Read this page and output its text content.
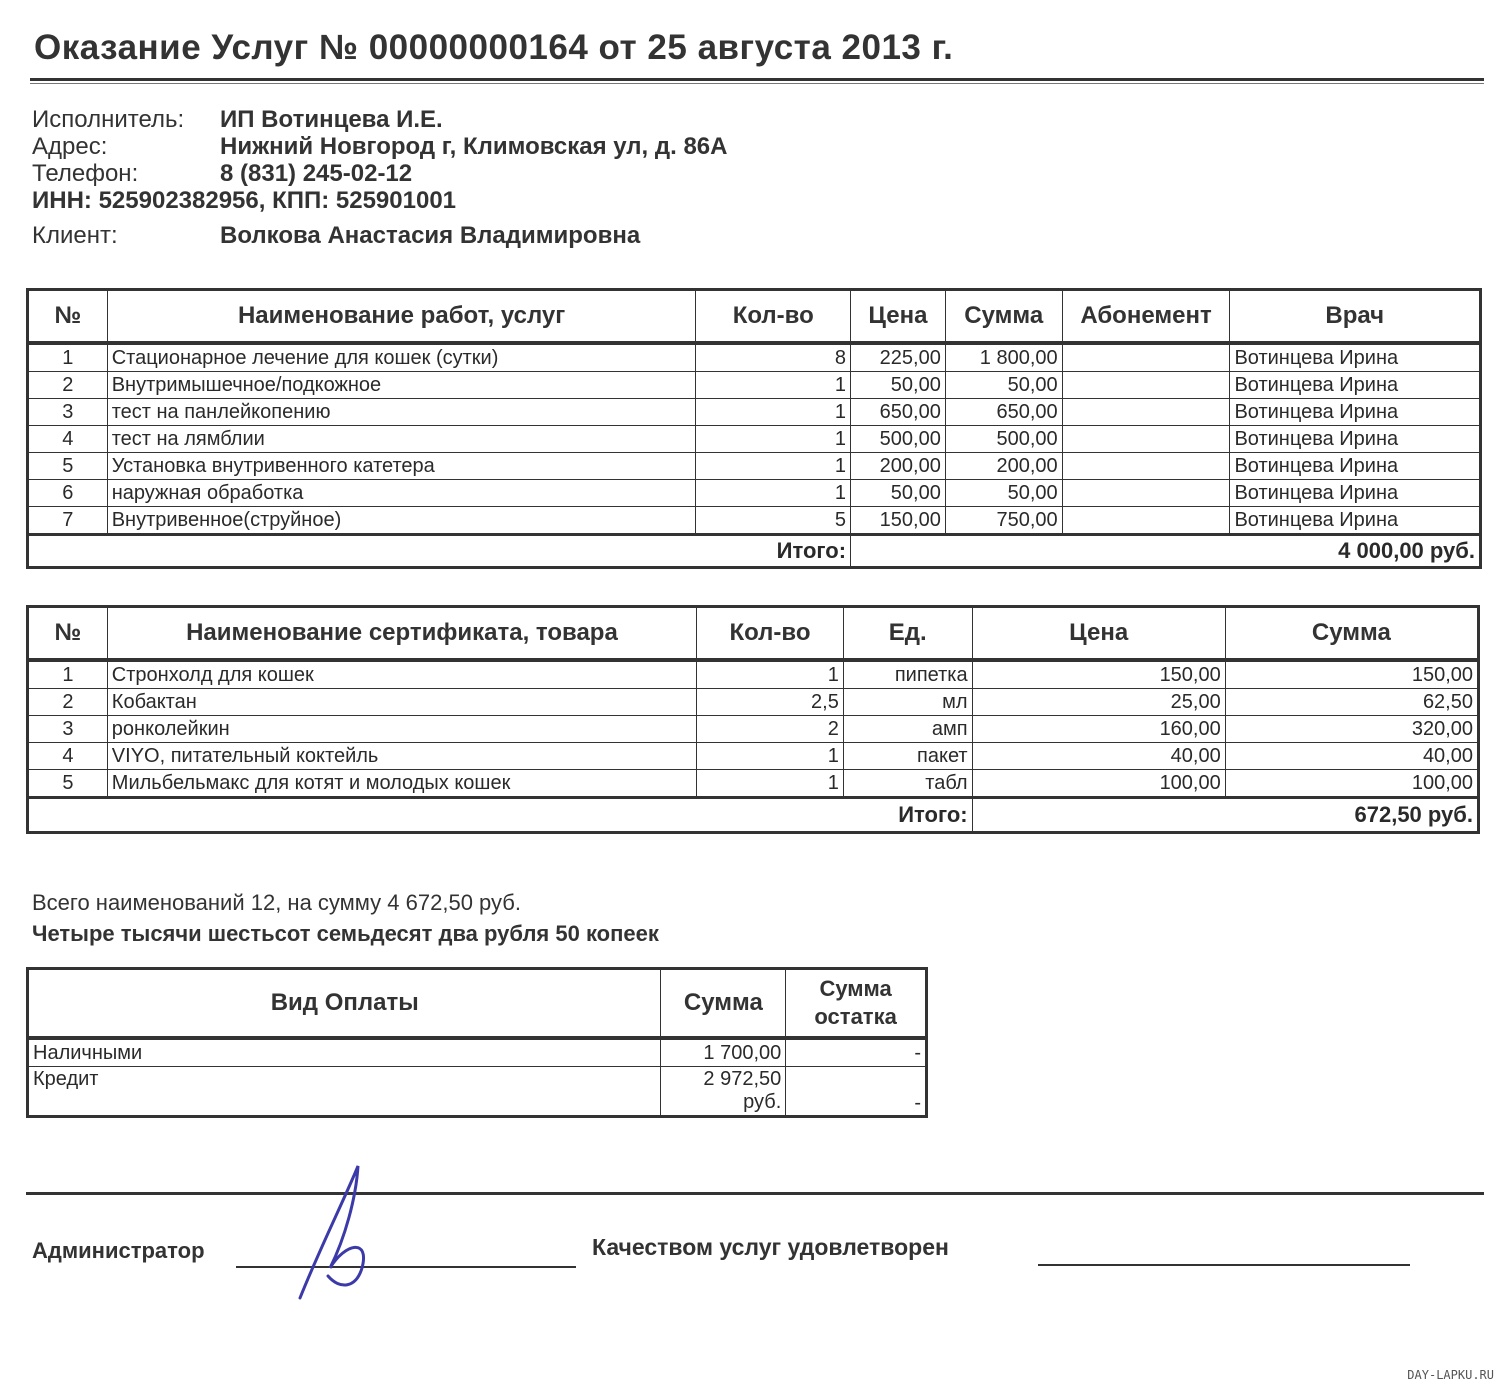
Оказание Услуг № 00000000164 от 25 августа 2013 г.
Исполнитель: ИП Вотинцева И.Е.
Адрес:	Нижний Новгород г, Климовская ул, д. 86А
Телефон:	8 (831) 245-02-12
ИНН: 525902382956, КПП: 525901001
Клиент:	Волкова Анастасия Владимировна
№	Наименование работ, услуг	Кол-во	Цена	Сумма	Абонемент	Врач
1	Стационарное лечение для кошек (сутки)	8	225,00	1 800,00		Вотинцева Ирина
2	Внутримышечное/подкожное	1	50,00	50,00		Вотинцева Ирина
3	тест на панлейкопению	1	650,00	650,00		Вотинцева Ирина
4	тест на лямблии	1	500,00	500,00		Вотинцева Ирина
5	Установка внутривенного катетера	1	200,00	200,00		Вотинцева Ирина
6	наружная обработка	1	50,00	50,00		Вотинцева Ирина
7	Внутривенное(струйное)	5	150,00	750,00		Вотинцева Ирина
Итого:			4 000,00 руб.			
№	Наименование сертификата, товара	Кол-во	Ед.	Цена	Сумма
1	Стронхолд для кошек	1	пипетка	150,00	150,00
2	Кобактан	2,5	мл	25,00	62,50
3	ронколейкин	2	амп	160,00	320,00
4	VIYO, питательный коктейль	1	пакет	40,00	40,00
5	Мильбельмакс для котят и молодых кошек	1	табл	100,00	100,00
Итого:				672,50 руб.	
Всего наименований 12, на сумму 4 672,50 руб.
Четыре тысячи шестьсот семьдесят два рубля 50 копеек
Вид Оплаты	Сумма	Сумма остатка
Наличными	1 700,00	-
Кредит	2 972,50 руб.	-
Администратор	Качеством услуг удовлетворен
DAY-LAPKU.RU
